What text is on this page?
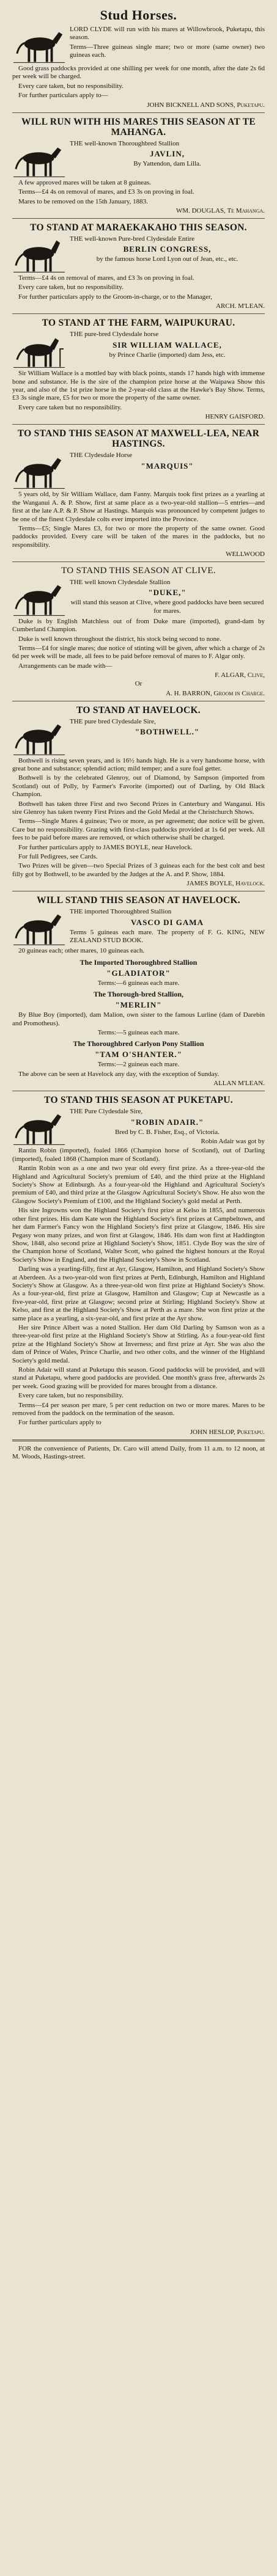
Stud Horses.

LORD CLYDE will run with his mares at Willowbrook, Puketapu, this season.

Terms—Three guineas single mare; two or more (same owner) two guineas each.

Good grass paddocks provided at one shilling per week for one month, after the date 2s 6d per week will be charged.

Every care taken, but no responsibility.

For further particulars apply to—

JOHN BICKNELL AND SONS, Puketapu.
WILL RUN WITH HIS MARES THIS SEASON AT TE MAHANGA.

THE well-known Thoroughbred Stallion

JAVLIN,

By Yattendon, dam Lilla.

A few approved mares will be taken at 8 guineas.

Terms—£4 4s on removal of mares, and £3 3s on proving in foal.

Mares to be removed on the 15th January, 1883.

WM. DOUGLAS, Te Mahanga.
TO STAND AT MARAEKAKAHO THIS SEASON.

THE well-known Pure-bred Clydesdale Entire

BERLIN CONGRESS,

by the famous horse Lord Lyon out of Jean, etc., etc.

Terms—£4 4s on removal of mares, and £3 3s on proving in foal.

Every care taken, but no responsibility.

For further particulars apply to the Groom-in-charge, or to the Manager,

ARCH. M'LEAN.
TO STAND AT THE FARM, WAIPUKURAU.

THE pure-bred Clydesdale horse

SIR WILLIAM WALLACE,

by Prince Charlie (imported) dam Jess, etc.

Sir William Wallace is a mottled bay with black points, stands 17 hands high with immense bone and substance. He is the sire of the champion prize horse at the Waipawa Show this year, and also of the 1st prize horse in the 2-year-old class at the Hawke's Bay Show. Terms, £3 3s single mare, £5 for two or more the property of the same owner.

Every care taken but no responsibility.

HENRY GAISFORD.
TO STAND THIS SEASON AT MAXWELL-LEA, NEAR HASTINGS.

THE Clydesdale Horse

"MARQUIS"

5 years old, by Sir William Wallace, dam Fanny. Marquis took first prizes as a yearling at the Wanganui A. & P. Show, first at same place as a two-year-old stallion—5 entries—and first at the late A.P. & P. Show at Hastings. Marquis was pronounced by competent judges to be one of the finest Clydesdale colts ever imported into the Province.

Terms—£5; Single Mares £3, for two or more the property of the same owner. Good paddocks provided. Every care will be taken of the mares in the paddocks, but no responsibility.

WELLWOOD
TO STAND THIS SEASON AT CLIVE.

THE well known Clydesdale Stallion

"DUKE,"

will stand this season at Clive, where good paddocks have been secured for mares.

Duke is by English Matchless out of from Duke mare (imported), grand-dam by Cumberland Champion.

Duke is well known throughout the district, his stock being second to none.

Terms—£4 for single mares; due notice of stinting will be given, after which a charge of 2s 6d per week will be made, all fees to be paid before removal of mares to F. Algar only.

Arrangements can be made with—

F. ALGAR, Clive,

Or

A. H. BARRON, Groom in Charge.
TO STAND AT HAVELOCK.

THE pure bred Clydesdale Sire,

"BOTHWELL."

Bothwell is rising seven years, and is 16½ hands high. He is a very handsome horse, with great bone and substance; splendid action; mild temper; and a sure foal getter.

Bothwell is by the celebrated Glenroy, out of Diamond, by Sampson (imported from Scotland) out of Polly, by Farmer's Favorite (imported) out of Darling, by Old Black Champion.

Bothwell has taken three First and two Second Prizes in Canterbury and Wanganui. His sire Glenroy has taken twenty First Prizes and the Gold Medal at the Christchurch Shows.

Terms—Single Mares 4 guineas; Two or more, as per agreement; due notice will be given. Care but no responsibility. Grazing with first-class paddocks provided at 1s 6d per week. All fees to be paid before mares are removed, or which otherwise shall be charged.

For further particulars apply to JAMES BOYLE, near Havelock.

For full Pedigrees, see Cards.

Two Prizes will be given—two Special Prizes of 3 guineas each for the best colt and best filly got by Bothwell, to be awarded by the Judges at the A. and P. Show, 1884.

JAMES BOYLE, Havelock.
WILL STAND THIS SEASON AT HAVELOCK.

THE imported Thoroughbred Stallion

VASCO DI GAMA

Terms 5 guineas each mare. The property of F. G. KING, NEW ZEALAND STUD BOOK.

20 guineas each; other mares, 10 guineas each.

The Imported Thoroughbred Stallion
"GLADIATOR"

Terms:—6 guineas each mare.

The Thorough-bred Stallion,
"MERLIN"

By Blue Boy (imported), dam Malion, own sister to the famous Lurline (dam of Darebin and Promotheus).

Terms:—5 guineas each mare.

The Thoroughbred Carlyon Pony Stallion
"TAM O'SHANTER."

Terms:—2 guineas each mare.

The above can be seen at Havelock any day, with the exception of Sunday.

ALLAN M'LEAN.
TO STAND THIS SEASON AT PUKETAPU.

THE Pure Clydesdale Sire,

"ROBIN ADAIR."

Bred by C. B. Fisher, Esq., of Victoria.

Robin Adair was got by

Rantin Robin (imported), foaled 1866 (Champion horse of Scotland), out of Darling (imported), foaled 1868 (Champion mare of Scotland).

Rantin Robin won as a one and two year old every first prize. As a three-year-old the Highland and Agricultural Society's premium of £40, and the third prize at the Highland Society's Show at Edinburgh. As a four-year-old the Highland and Agricultural Society's premium of £40, and third prize at the Glasgow Agricultural Society's Show. He also won the Glasgow Society's Premium of £100, and the Highland Society's gold medal at Perth.

His sire Ingrowns won the Highland Society's first prize at Kelso in 1855, and numerous other first prizes. His dam Kate won the Highland Society's first prizes at Campbeltown, and her dam Farmer's Fancy won the Highland Society's first prize at Glasgow, 1846. His sire Pegasy won many prizes, and won first at Glasgow, 1846. His dam won first at Haddington Show, 1848, also second prize at Highland Society's Show, 1851. Clyde Boy was the sire of the Champion horse of Scotland, Walter Scott, who gained the highest honours at the Royal Society's Show in England, and the Highland Society's Show in Scotland.

Darling was a yearling-filly, first at Ayr, Glasgow, Hamilton, and Highland Society's Show at Aberdeen. As a two-year-old won first prizes at Perth, Edinburgh, Hamilton and Highland Society's Show at Glasgow. As a three-year-old won first prize at Highland Society's Show. As a four-year-old, first prize at Glasgow, Hamilton and Glasgow; Cup at Newcastle as a five-year-old, first prize at Glasgow; second prize at Stirling; Highland Society's Show at Kelso, and first at the Highland Society's Show at Perth as a mare. She won first prize at the same place as a yearling, a six-year-old, and first prize at the Ayr show.

Her sire Prince Albert was a noted Stallion. Her dam Old Darling by Samson won as a three-year-old first prize at the Highland Society's Show at Stirling. As a four-year-old first prize at the Highland Society's Show at Inverness; and first prize at Ayr. She was also the dam of Prince of Wales, Prince Charlie, and two other colts, and the winner of the Highland Society's gold medal.

Robin Adair will stand at Puketapu this season. Good paddocks will be provided, and will stand at Puketapu, where good paddocks are provided. One month's grass free, afterwards 2s per week. Good grazing will be provided for mares brought from a distance.

Every care taken, but no responsibility.

Terms—£4 per season per mare, 5 per cent reduction on two or more mares. Mares to be removed from the paddock on the termination of the season.

For further particulars apply to

JOHN HESLOP, Puketapu.

FOR the convenience of Patients, Dr. Caro will attend Daily, from 11 a.m. to 12 noon, at M. Woods, Hastings-street.
